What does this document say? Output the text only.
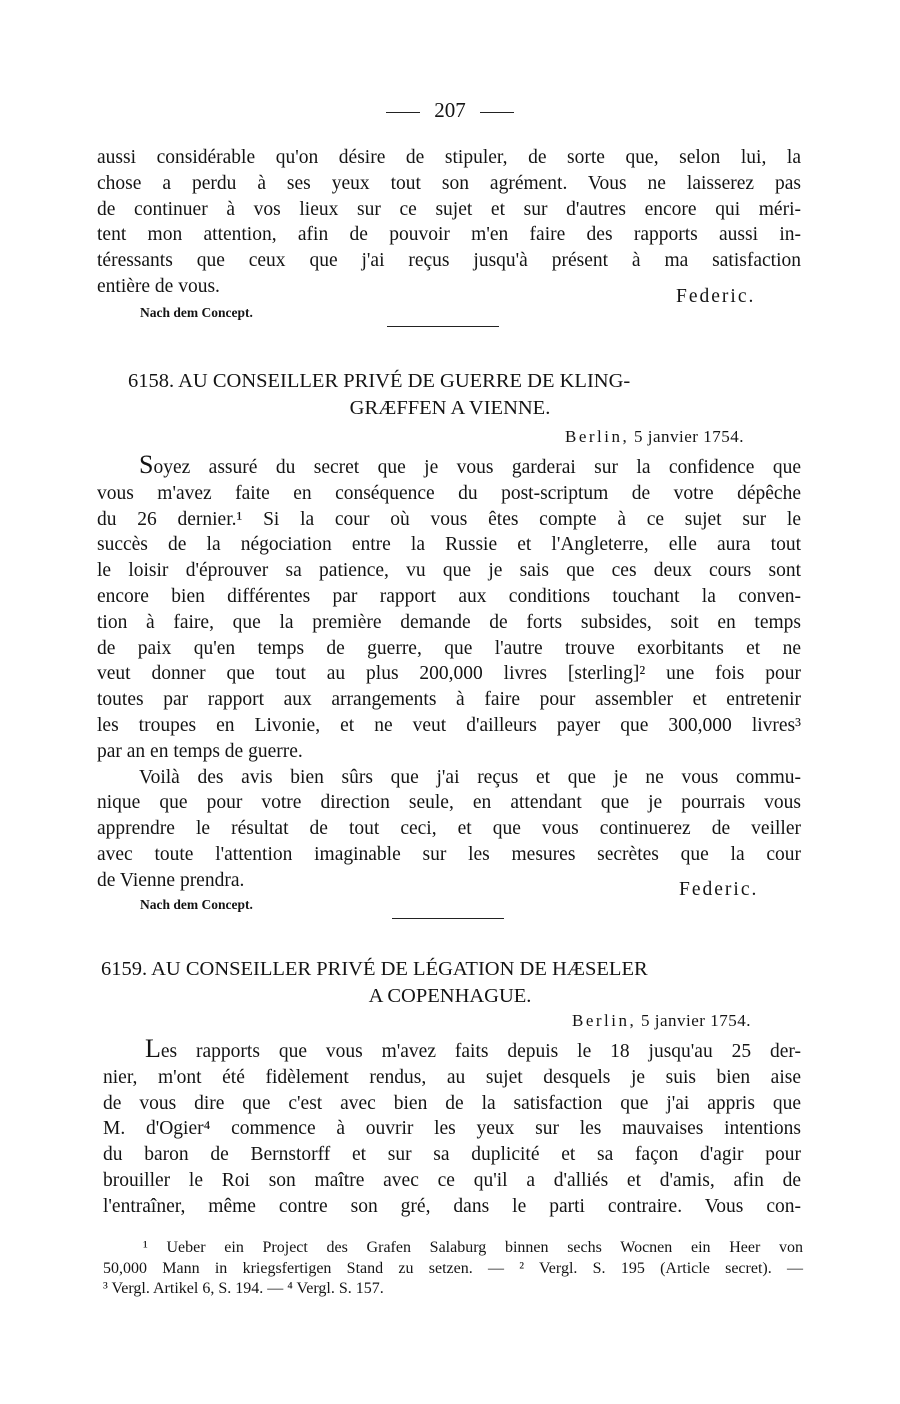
207
aussi considérable qu'on désire de stipuler, de sorte que, selon lui, la
chose a perdu à ses yeux tout son agrément. Vous ne laisserez pas
de continuer à vos lieux sur ce sujet et sur d'autres encore qui méri-
tent mon attention, afin de pouvoir m'en faire des rapports aussi in-
téressants que ceux que j'ai reçus jusqu'à présent à ma satisfaction
entière de vous.	Federic.
Nach dem Concept.
6158. AU CONSEILLER PRIVÉ DE GUERRE DE KLING-
GRÆFFEN A VIENNE.
Berlin, 5 janvier 1754.
Soyez assuré du secret que je vous garderai sur la confidence que
vous m'avez faite en conséquence du post-scriptum de votre dépêche
du 26 dernier.¹ Si la cour où vous êtes compte à ce sujet sur le
succès de la négociation entre la Russie et l'Angleterre, elle aura tout
le loisir d'éprouver sa patience, vu que je sais que ces deux cours sont
encore bien différentes par rapport aux conditions touchant la conven-
tion à faire, que la première demande de forts subsides, soit en temps
de paix qu'en temps de guerre, que l'autre trouve exorbitants et ne
veut donner que tout au plus 200,000 livres [sterling]² une fois pour
toutes par rapport aux arrangements à faire pour assembler et entretenir
les troupes en Livonie, et ne veut d'ailleurs payer que 300,000 livres³
par an en temps de guerre.
Voilà des avis bien sûrs que j'ai reçus et que je ne vous commu-
nique que pour votre direction seule, en attendant que je pourrais vous
apprendre le résultat de tout ceci, et que vous continuerez de veiller
avec toute l'attention imaginable sur les mesures secrètes que la cour
de Vienne prendra.	Federic.
Nach dem Concept.
6159. AU CONSEILLER PRIVÉ DE LÉGATION DE HÆSELER
A COPENHAGUE.
Berlin, 5 janvier 1754.
Les rapports que vous m'avez faits depuis le 18 jusqu'au 25 der-
nier, m'ont été fidèlement rendus, au sujet desquels je suis bien aise
de vous dire que c'est avec bien de la satisfaction que j'ai appris que
M. d'Ogier⁴ commence à ouvrir les yeux sur les mauvaises intentions
du baron de Bernstorff et sur sa duplicité et sa façon d'agir pour
brouiller le Roi son maître avec ce qu'il a d'alliés et d'amis, afin de
l'entraîner, même contre son gré, dans le parti contraire. Vous con-
¹ Ueber ein Project des Grafen Salaburg binnen sechs Wocnen ein Heer von
50,000 Mann in kriegsfertigen Stand zu setzen. — ² Vergl. S. 195 (Article secret). —
³ Vergl. Artikel 6, S. 194. — ⁴ Vergl. S. 157.
